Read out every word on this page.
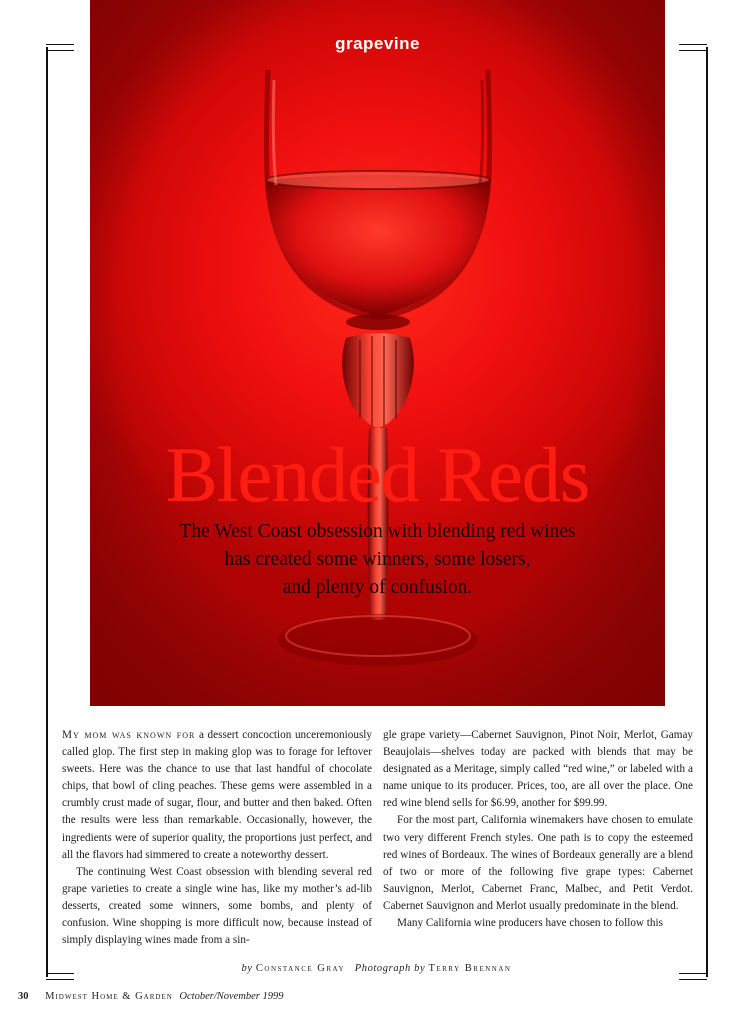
grapevine
Blended Reds
The West Coast obsession with blending red wines
has created some winners, some losers,
and plenty of confusion.

My mom was known for a dessert concoction unceremoniously called glop. The first step in making glop was to forage for leftover sweets. Here was the chance to use that last handful of chocolate chips, that bowl of cling peaches. These gems were assembled in a crumbly crust made of sugar, flour, and butter and then baked. Often the results were less than remarkable. Occasionally, however, the ingredients were of superior quality, the proportions just perfect, and all the flavors had simmered to create a noteworthy dessert.

The continuing West Coast obsession with blending several red grape varieties to create a single wine has, like my mother’s ad-lib desserts, created some winners, some bombs, and plenty of confusion. Wine shopping is more difficult now, because instead of simply displaying wines made from a sin-

gle grape variety—Cabernet Sauvignon, Pinot Noir, Merlot, Gamay Beaujolais—shelves today are packed with blends that may be designated as a Meritage, simply called “red wine,” or labeled with a name unique to its producer. Prices, too, are all over the place. One red wine blend sells for $6.99, another for $99.99.

For the most part, California winemakers have chosen to emulate two very different French styles. One path is to copy the esteemed red wines of Bordeaux. The wines of Bordeaux generally are a blend of two or more of the following five grape types: Cabernet Sauvignon, Merlot, Cabernet Franc, Malbec, and Petit Verdot. Cabernet Sauvignon and Merlot usually predominate in the blend.

Many California wine producers have chosen to follow this

by Constance Gray Photograph by Terry Brennan
30 Midwest Home & Garden October/November 1999
